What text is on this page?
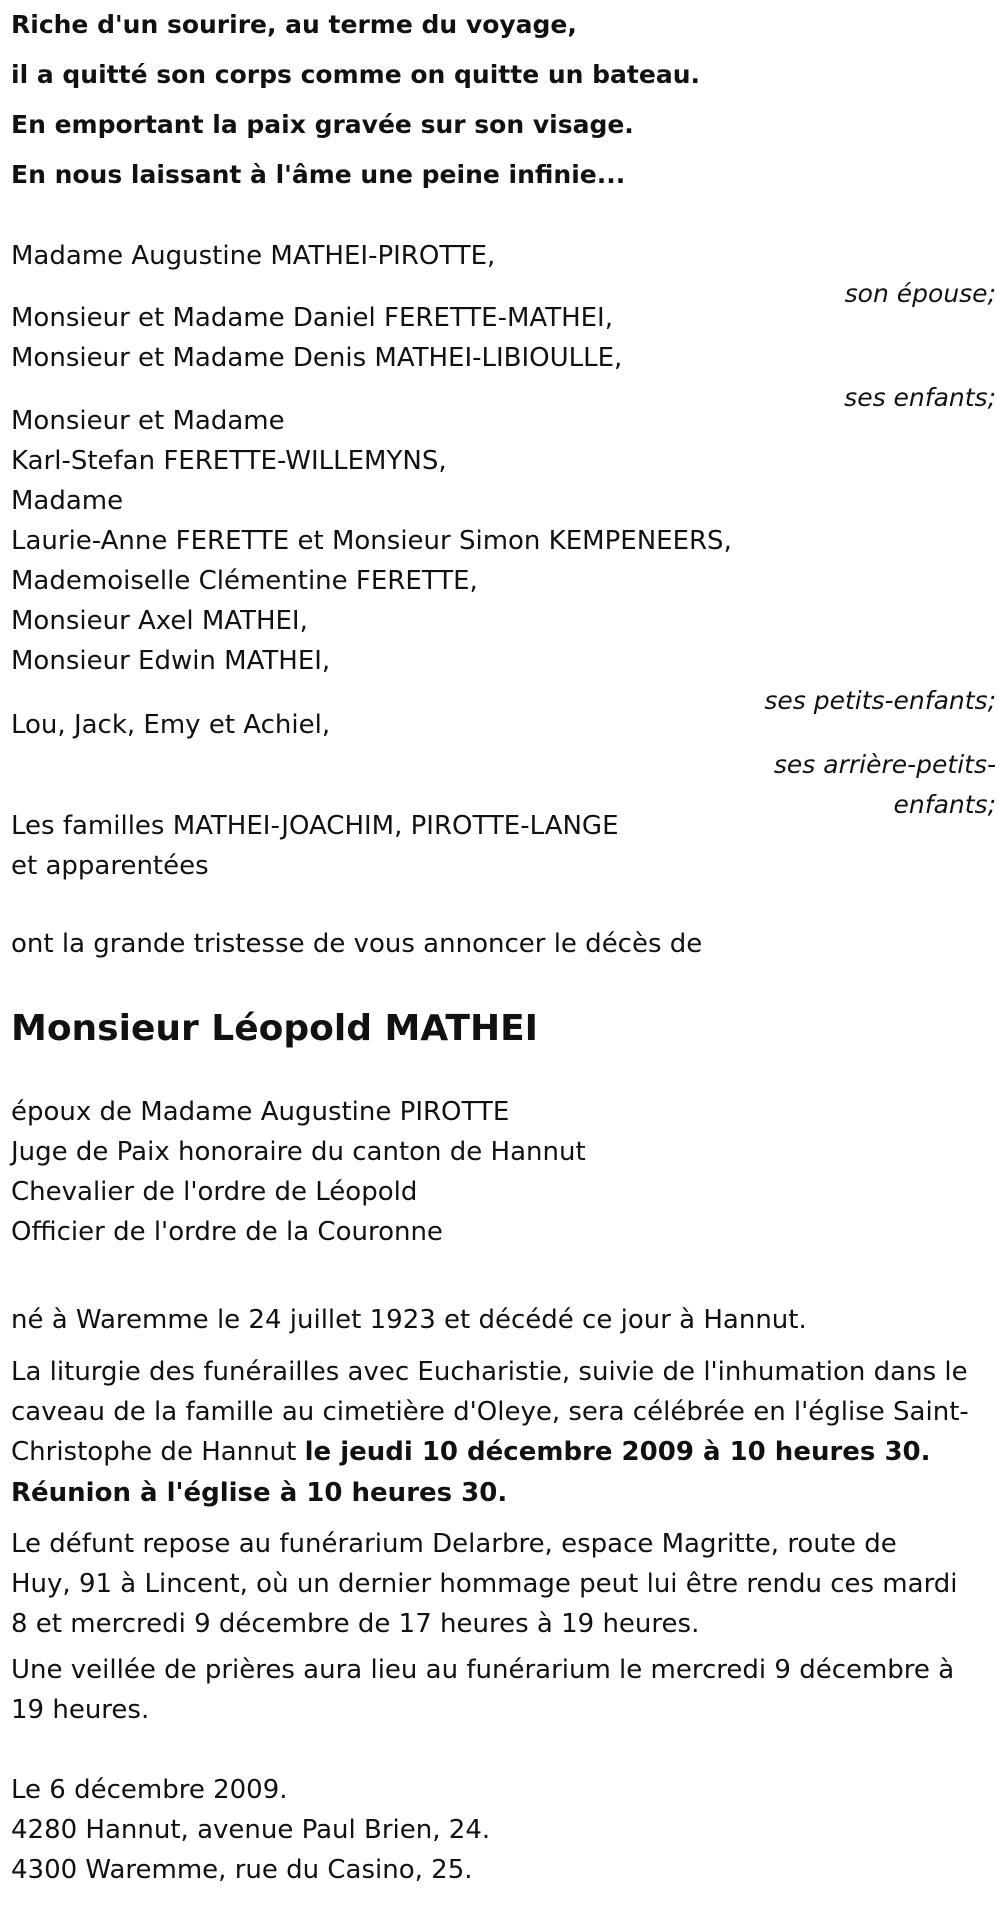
Riche d'un sourire, au terme du voyage,
il a quitté son corps comme on quitte un bateau.
En emportant la paix gravée sur son visage.
En nous laissant à l'âme une peine infinie...
Madame Augustine MATHEI-PIROTTE,
son épouse;
Monsieur et Madame Daniel FERETTE-MATHEI,
Monsieur et Madame Denis MATHEI-LIBIOULLE,
ses enfants;
Monsieur et Madame
Karl-Stefan FERETTE-WILLEMYNS,
Madame
Laurie-Anne FERETTE et Monsieur Simon KEMPENEERS,
Mademoiselle Clémentine FERETTE,
Monsieur Axel MATHEI,
Monsieur Edwin MATHEI,
ses petits-enfants;
Lou, Jack, Emy et Achiel,
ses arrière-petits-
enfants;
Les familles MATHEI-JOACHIM, PIROTTE-LANGE
et apparentées

ont la grande tristesse de vous annoncer le décès de

Monsieur Léopold MATHEI

époux de Madame Augustine PIROTTE
Juge de Paix honoraire du canton de Hannut
Chevalier de l'ordre de Léopold
Officier de l'ordre de la Couronne

né à Waremme le 24 juillet 1923 et décédé ce jour à Hannut.

La liturgie des funérailles avec Eucharistie, suivie de l'inhumation dans le
caveau de la famille au cimetière d'Oleye, sera célébrée en l'église Saint-
Christophe de Hannut le jeudi 10 décembre 2009 à 10 heures 30.

Réunion à l'église à 10 heures 30.

Le défunt repose au funérarium Delarbre, espace Magritte, route de
Huy, 91 à Lincent, où un dernier hommage peut lui être rendu ces mardi
8 et mercredi 9 décembre de 17 heures à 19 heures.
Une veillée de prières aura lieu au funérarium le mercredi 9 décembre à
19 heures.
Le 6 décembre 2009.
4280 Hannut, avenue Paul Brien, 24.
4300 Waremme, rue du Casino, 25.
